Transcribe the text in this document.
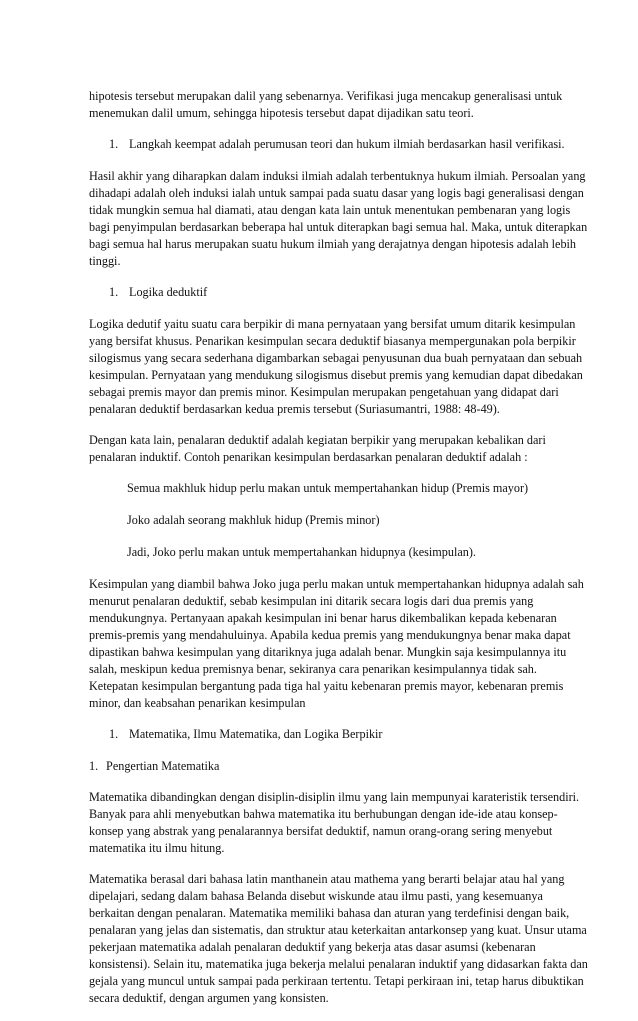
hipotesis tersebut merupakan dalil yang sebenarnya. Verifikasi juga mencakup generalisasi untuk menemukan dalil umum, sehingga hipotesis tersebut dapat dijadikan satu teori.

1. Langkah keempat adalah perumusan teori dan hukum ilmiah berdasarkan hasil verifikasi.

Hasil akhir yang diharapkan dalam induksi ilmiah adalah terbentuknya hukum ilmiah. Persoalan yang dihadapi adalah oleh induksi ialah untuk sampai pada suatu dasar yang logis bagi generalisasi dengan tidak mungkin semua hal diamati, atau dengan kata lain untuk menentukan pembenaran yang logis bagi penyimpulan berdasarkan beberapa hal untuk diterapkan bagi semua hal. Maka, untuk diterapkan bagi semua hal harus merupakan suatu hukum ilmiah yang derajatnya dengan hipotesis adalah lebih tinggi.

1. Logika deduktif

Logika dedutif yaitu suatu cara berpikir di mana pernyataan yang bersifat umum ditarik kesimpulan yang bersifat khusus. Penarikan kesimpulan secara deduktif biasanya mempergunakan pola berpikir silogismus yang secara sederhana digambarkan sebagai penyusunan dua buah pernyataan dan sebuah kesimpulan. Pernyataan yang mendukung silogismus disebut premis yang kemudian dapat dibedakan sebagai premis mayor dan premis minor. Kesimpulan merupakan pengetahuan yang didapat dari penalaran deduktif berdasarkan kedua premis tersebut (Suriasumantri, 1988: 48-49).

Dengan kata lain, penalaran deduktif adalah kegiatan berpikir yang merupakan kebalikan dari penalaran induktif. Contoh penarikan kesimpulan berdasarkan penalaran deduktif adalah :

Semua makhluk hidup perlu makan untuk mempertahankan hidup (Premis mayor)
Joko adalah seorang makhluk hidup (Premis minor)
Jadi, Joko perlu makan untuk mempertahankan hidupnya (kesimpulan).

Kesimpulan yang diambil bahwa Joko juga perlu makan untuk mempertahankan hidupnya adalah sah menurut penalaran deduktif, sebab kesimpulan ini ditarik secara logis dari dua premis yang mendukungnya. Pertanyaan apakah kesimpulan ini benar harus dikembalikan kepada kebenaran premis-premis yang mendahuluinya. Apabila kedua premis yang mendukungnya benar maka dapat dipastikan bahwa kesimpulan yang ditariknya juga adalah benar. Mungkin saja kesimpulannya itu salah, meskipun kedua premisnya benar, sekiranya cara penarikan kesimpulannya tidak sah. Ketepatan kesimpulan bergantung pada tiga hal yaitu kebenaran premis mayor, kebenaran premis minor, dan keabsahan penarikan kesimpulan

1. Matematika, Ilmu Matematika, dan Logika Berpikir
1. Pengertian Matematika

Matematika dibandingkan dengan disiplin-disiplin ilmu yang lain mempunyai karateristik tersendiri. Banyak para ahli menyebutkan bahwa matematika itu berhubungan dengan ide-ide atau konsep-konsep yang abstrak yang penalarannya bersifat deduktif, namun orang-orang sering menyebut matematika itu ilmu hitung.

Matematika berasal dari bahasa latin manthanein atau mathema yang berarti belajar atau hal yang dipelajari, sedang dalam bahasa Belanda disebut wiskunde atau ilmu pasti, yang kesemuanya berkaitan dengan penalaran. Matematika memiliki bahasa dan aturan yang terdefinisi dengan baik, penalaran yang jelas dan sistematis, dan struktur atau keterkaitan antarkonsep yang kuat. Unsur utama pekerjaan matematika adalah penalaran deduktif yang bekerja atas dasar asumsi (kebenaran konsistensi). Selain itu, matematika juga bekerja melalui penalaran induktif yang didasarkan fakta dan gejala yang muncul untuk sampai pada perkiraan tertentu. Tetapi perkiraan ini, tetap harus dibuktikan secara deduktif, dengan argumen yang konsisten.
